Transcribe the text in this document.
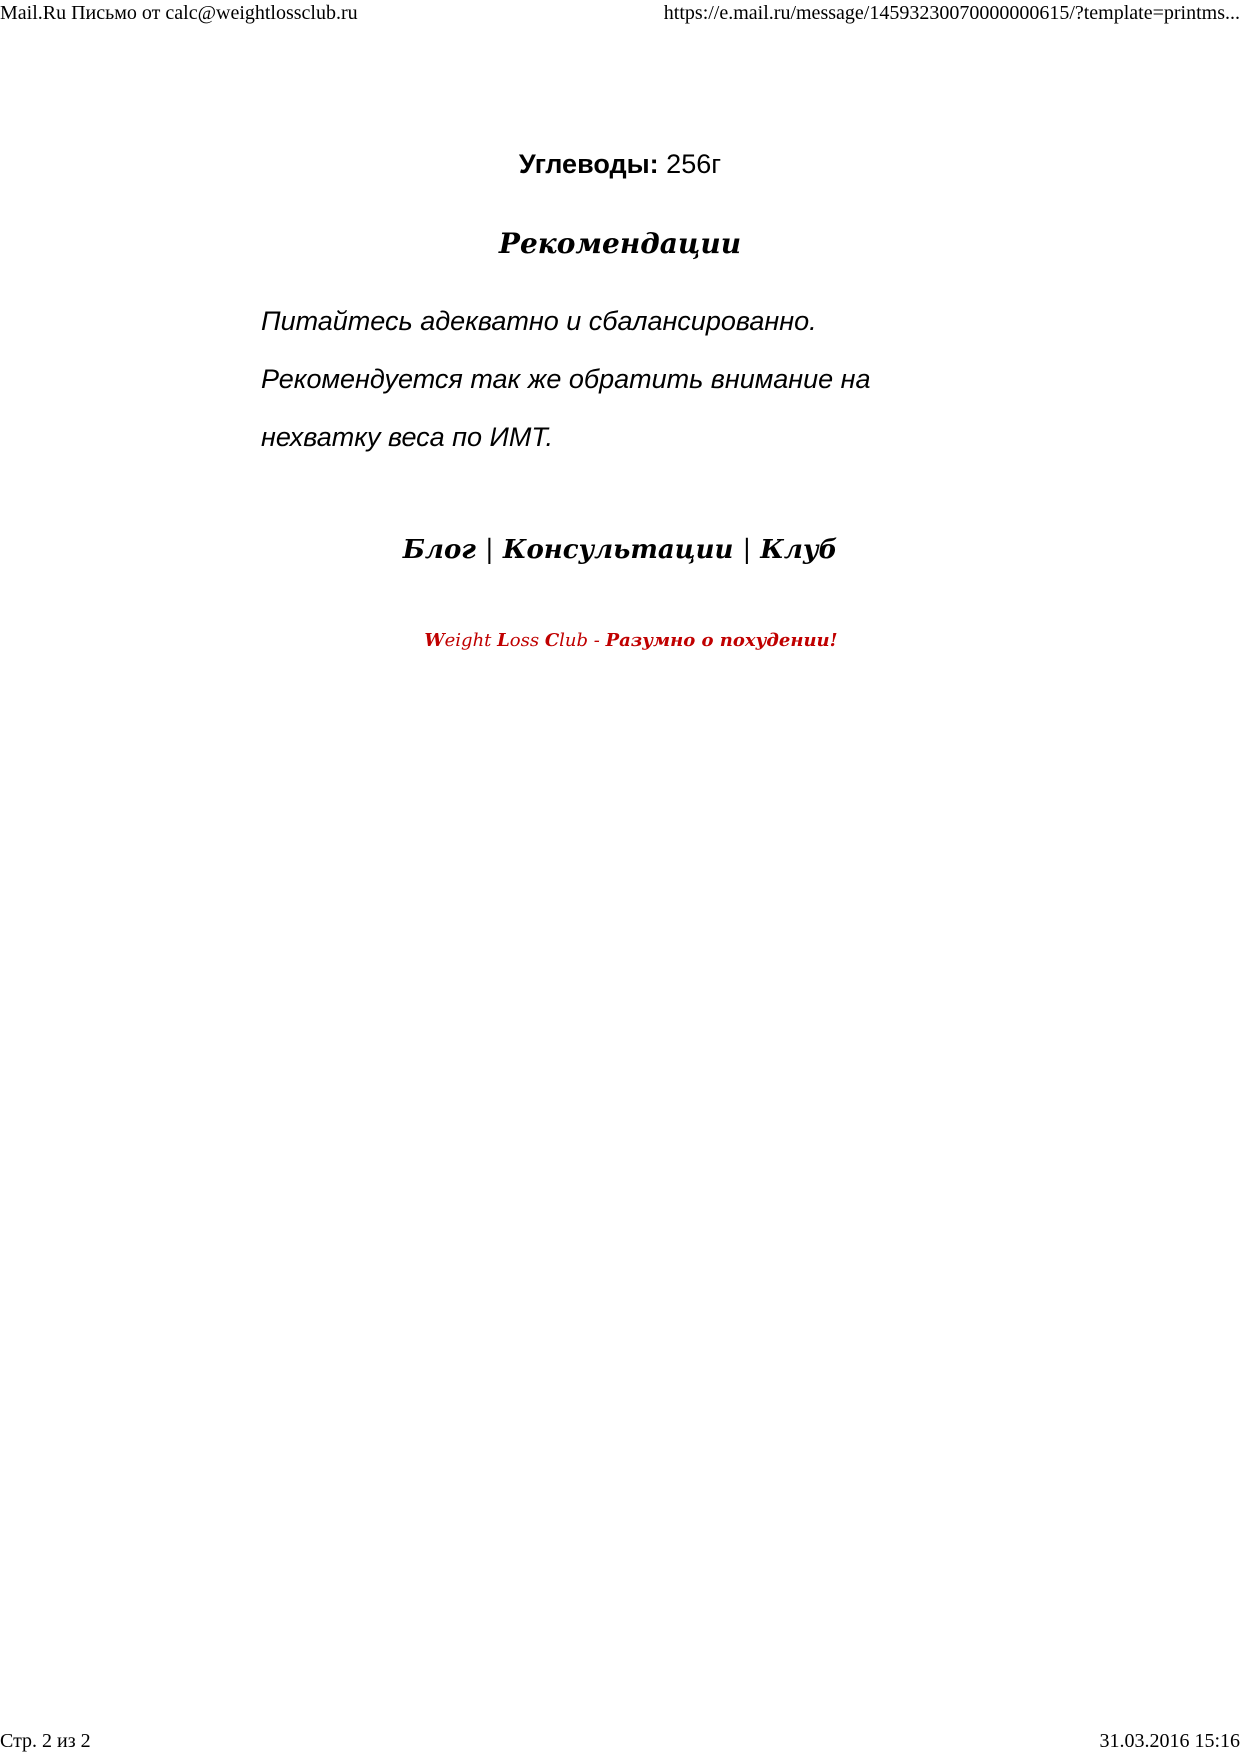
Mail.Ru Письмо от calc@weightlossclub.ru	https://e.mail.ru/message/14593230070000000615/?template=printms...
Углеводы: 256г
Рекомендации

Питайтесь адекватно и сбалансированно.

Рекомендуется так же обратить внимание на

нехватку веса по ИМТ.

Блог | Консультации | Клуб
Weight Loss Club - Разумно о похудении!
Стр. 2 из 2	31.03.2016 15:16
